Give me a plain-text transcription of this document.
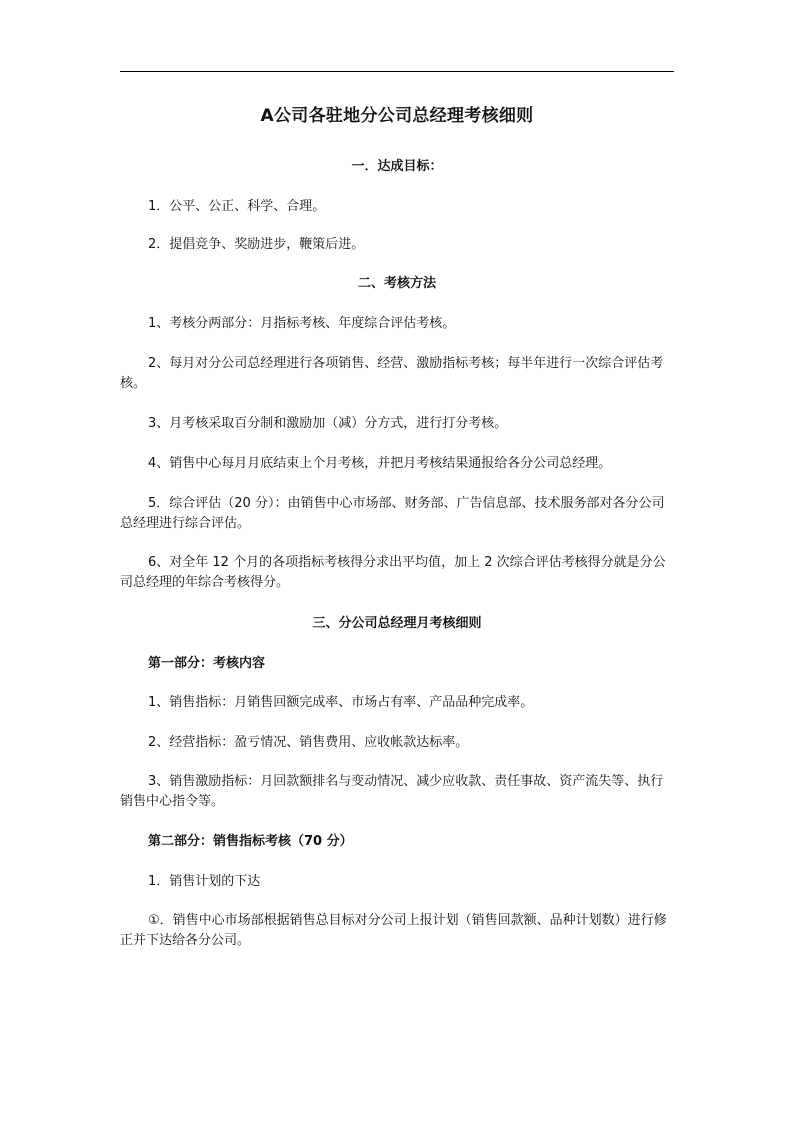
A公司各驻地分公司总经理考核细则
一．达成目标：
1．公平、公正、科学、合理。
2．提倡竞争、奖励进步，鞭策后进。
二、考核方法
1、考核分两部分：月指标考核、年度综合评估考核。
2、每月对分公司总经理进行各项销售、经营、激励指标考核；每半年进行一次综合评估考核。
3、月考核采取百分制和激励加（减）分方式，进行打分考核。
4、销售中心每月月底结束上个月考核，并把月考核结果通报给各分公司总经理。
5．综合评估（20 分）：由销售中心市场部、财务部、广告信息部、技术服务部对各分公司总经理进行综合评估。
6、对全年 12 个月的各项指标考核得分求出平均值，加上 2 次综合评估考核得分就是分公司总经理的年综合考核得分。
三、分公司总经理月考核细则
第一部分：考核内容
1、销售指标：月销售回额完成率、市场占有率、产品品种完成率。
2、经营指标：盈亏情况、销售费用、应收帐款达标率。
3、销售激励指标：月回款额排名与变动情况、减少应收款、责任事故、资产流失等、执行销售中心指令等。
第二部分：销售指标考核（70 分）
1．销售计划的下达
①．销售中心市场部根据销售总目标对分公司上报计划（销售回款额、品种计划数）进行修正并下达给各分公司。
